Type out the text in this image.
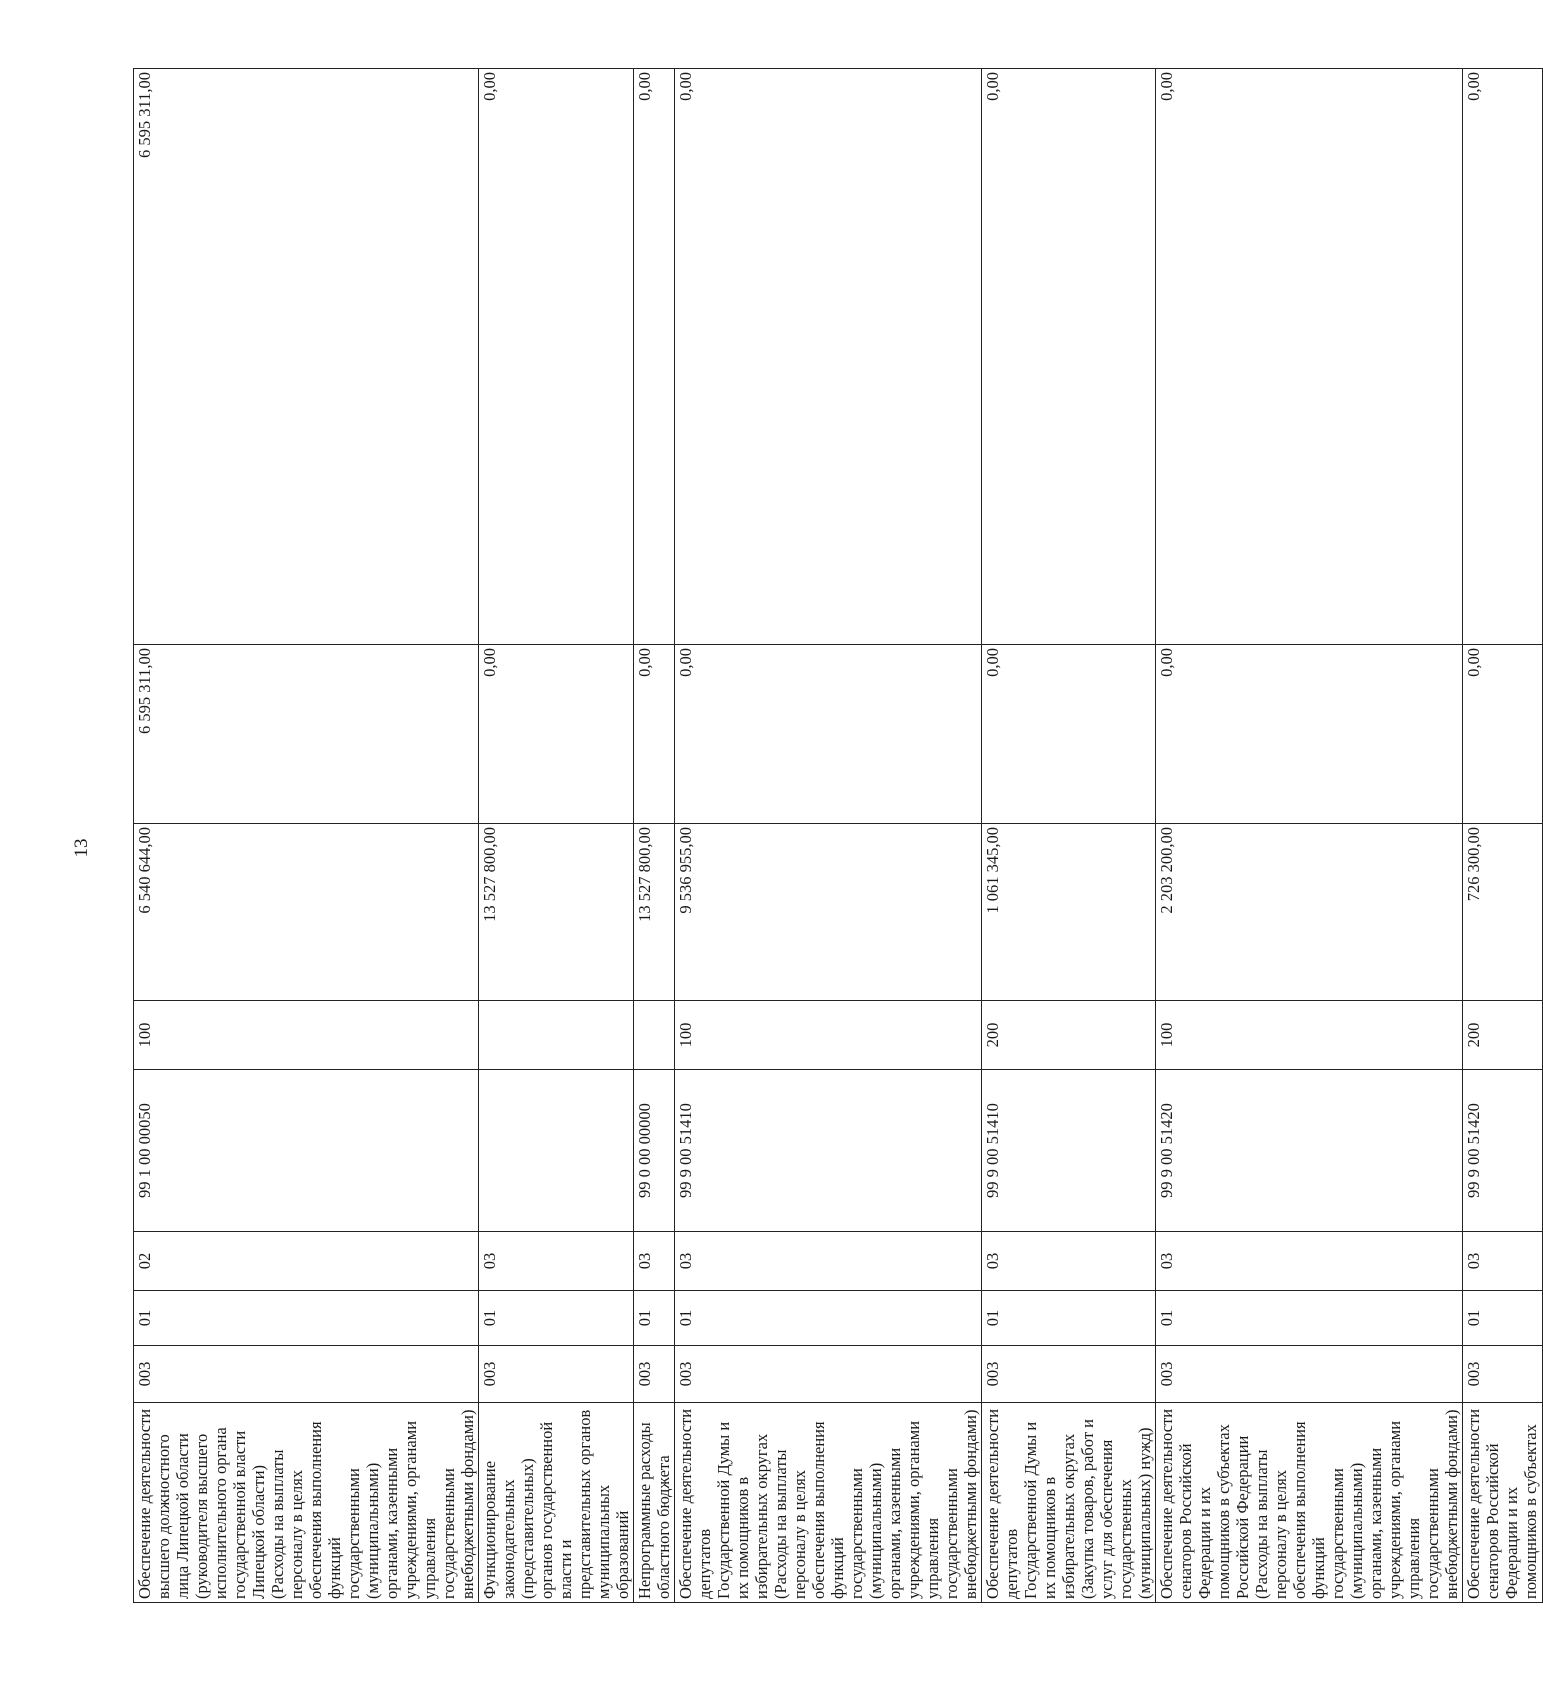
13
Обеспечение деятельности высшего должностного лица Липецкой области (руководителя высшего исполнительного органа государственной власти Липецкой области) (Расходы на выплаты персоналу в целях обеспечения выполнения функций государственными (муниципальными) органами, казенными учреждениями, органами управления государственными внебюджетными фондами)	003	01	02	99 1 00 00050	100	6 540 644,00	6 595 311,00	6 595 311,00
Функционирование законодательных (представительных) органов государственной власти и представительных органов муниципальных образований	003	01	03			13 527 800,00	0,00	0,00
Непрограммные расходы областного бюджета	003	01	03	99 0 00 00000		13 527 800,00	0,00	0,00
Обеспечение деятельности депутатов Государственной Думы и их помощников в избирательных округах (Расходы на выплаты персоналу в целях обеспечения выполнения функций государственными (муниципальными) органами, казенными учреждениями, органами управления государственными внебюджетными фондами)	003	01	03	99 9 00 51410	100	9 536 955,00	0,00	0,00
Обеспечение деятельности депутатов Государственной Думы и их помощников в избирательных округах (Закупка товаров, работ и услуг для обеспечения государственных (муниципальных) нужд)	003	01	03	99 9 00 51410	200	1 061 345,00	0,00	0,00
Обеспечение деятельности сенаторов Российской Федерации и их помощников в субъектах Российской Федерации (Расходы на выплаты персоналу в целях обеспечения выполнения функций государственными (муниципальными) органами, казенными учреждениями, органами управления государственными внебюджетными фондами)	003	01	03	99 9 00 51420	100	2 203 200,00	0,00	0,00
Обеспечение деятельности сенаторов Российской Федерации и их помощников в субъектах	003	01	03	99 9 00 51420	200	726 300,00	0,00	0,00
